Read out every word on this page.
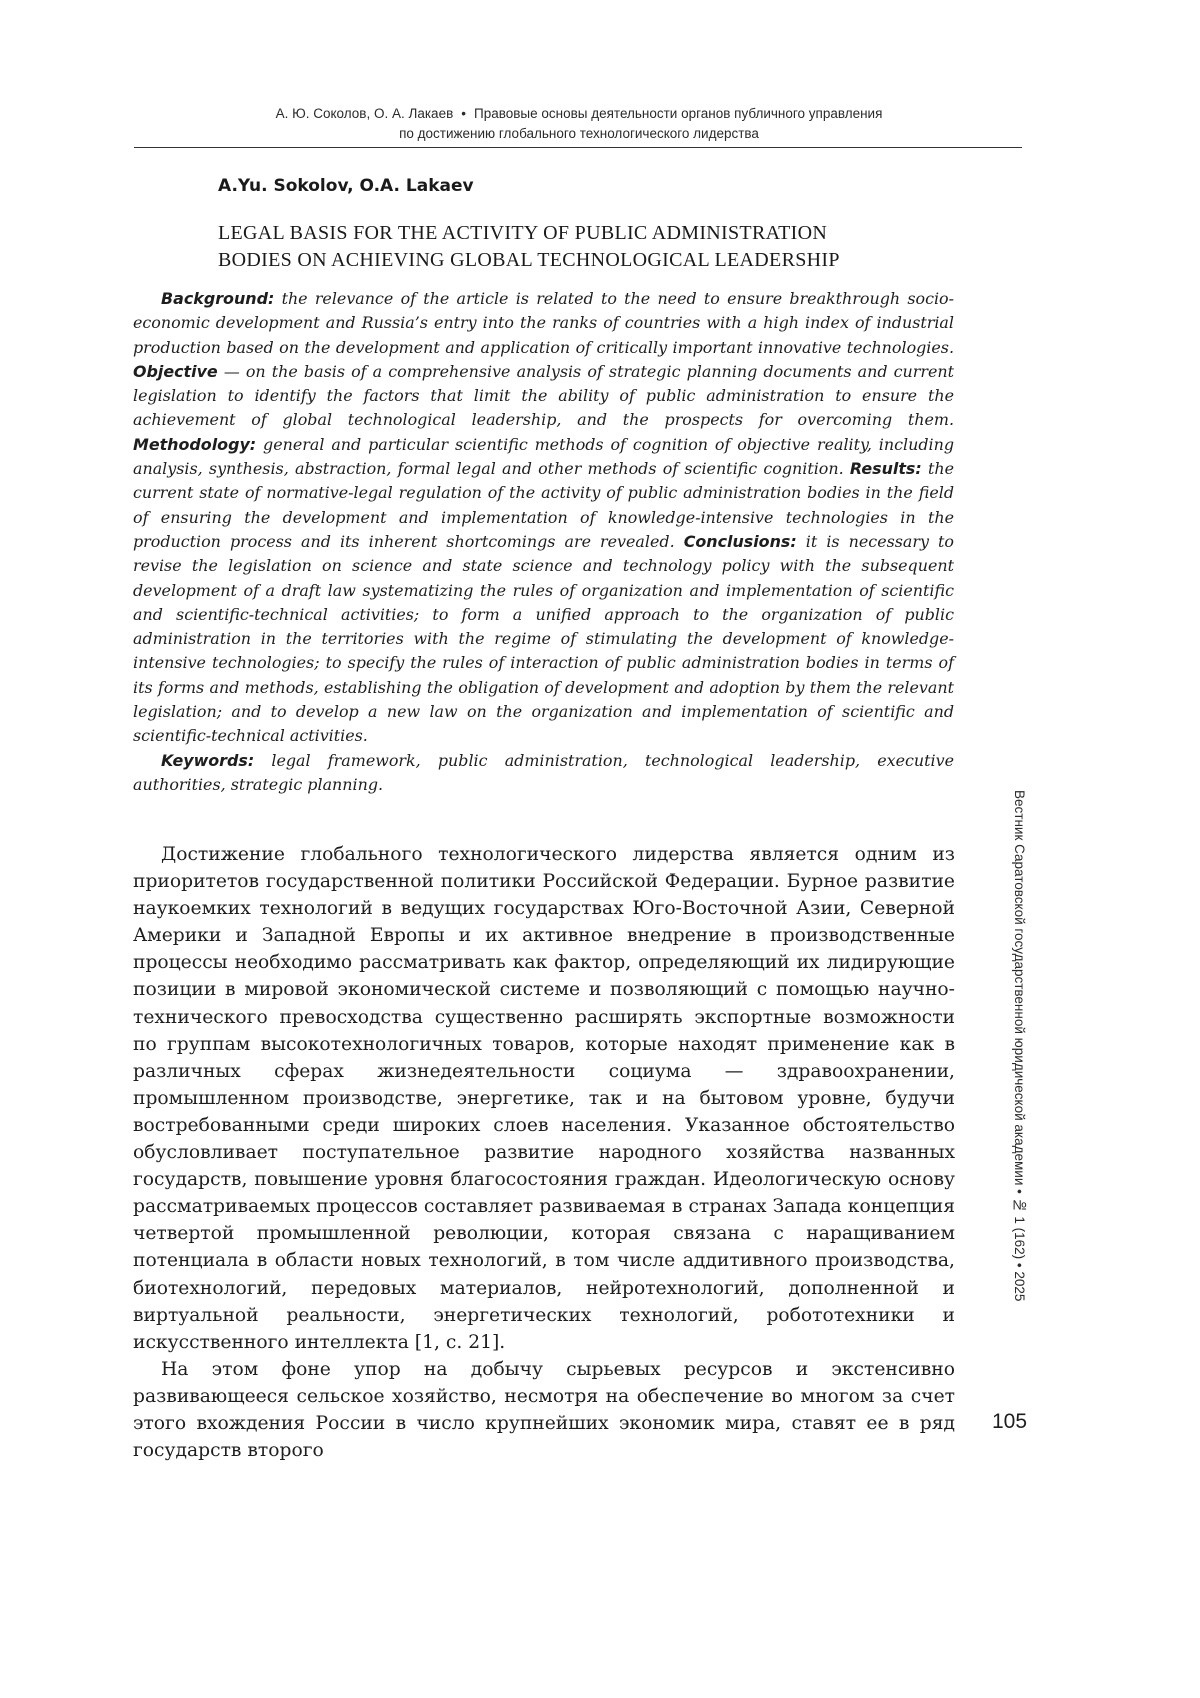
А. Ю. Соколов, О. А. Лакаев • Правовые основы деятельности органов публичного управления
по достижению глобального технологического лидерства
A.Yu. Sokolov, O.A. Lakaev
LEGAL BASIS FOR THE ACTIVITY OF PUBLIC ADMINISTRATION
BODIES ON ACHIEVING GLOBAL TECHNOLOGICAL LEADERSHIP

Background: the relevance of the article is related to the need to ensure breakthrough socio-economic development and Russia’s entry into the ranks of countries with a high index of industrial production based on the development and application of critically important innovative technologies. Objective — on the basis of a comprehensive analysis of strategic planning documents and current legislation to identify the factors that limit the ability of public administration to ensure the achievement of global technological leadership, and the prospects for overcoming them. Methodology: general and particular scientific methods of cognition of objective reality, including analysis, synthesis, abstraction, formal legal and other methods of scientific cognition. Results: the current state of normative-legal regulation of the activity of public administration bodies in the field of ensuring the development and implementation of knowledge-intensive technologies in the production process and its inherent shortcomings are revealed. Conclusions: it is necessary to revise the legislation on science and state science and technology policy with the subsequent development of a draft law systematizing the rules of organization and implementation of scientific and scientific-technical activities; to form a unified approach to the organization of public administration in the territories with the regime of stimulating the development of knowledge-intensive technologies; to specify the rules of interaction of public administration bodies in terms of its forms and methods, establishing the obligation of development and adoption by them the relevant legislation; and to develop a new law on the organization and implementation of scientific and scientific-technical activities.

Keywords: legal framework, public administration, technological leadership, executive authorities, strategic planning.

Достижение глобального технологического лидерства является одним из приоритетов государственной политики Российской Федерации. Бурное развитие наукоемких технологий в ведущих государствах Юго-Восточной Азии, Северной Америки и Западной Европы и их активное внедрение в производственные процессы необходимо рассматривать как фактор, определяющий их лидирующие позиции в мировой экономической системе и позволяющий с помощью научно-технического превосходства существенно расширять экспортные возможности по группам высокотехнологичных товаров, которые находят применение как в различных сферах жизнедеятельности социума — здравоохранении, промышленном производстве, энергетике, так и на бытовом уровне, будучи востребованными среди широких слоев населения. Указанное обстоятельство обусловливает поступательное развитие народного хозяйства названных государств, повышение уровня благосостояния граждан. Идеологическую основу рассматриваемых процессов составляет развиваемая в странах Запада концепция четвертой промышленной революции, которая связана с наращиванием потенциала в области новых технологий, в том числе аддитивного производства, биотехнологий, передовых материалов, нейротехнологий, дополненной и виртуальной реальности, энергетических технологий, робототехники и искусственного интеллекта [1, с. 21].

На этом фоне упор на добычу сырьевых ресурсов и экстенсивно развивающееся сельское хозяйство, несмотря на обеспечение во многом за счет этого вхождения России в число крупнейших экономик мира, ставят ее в ряд государств второго

Вестник Саратовской государственной юридической академии • № 1 (162) • 2025
105
